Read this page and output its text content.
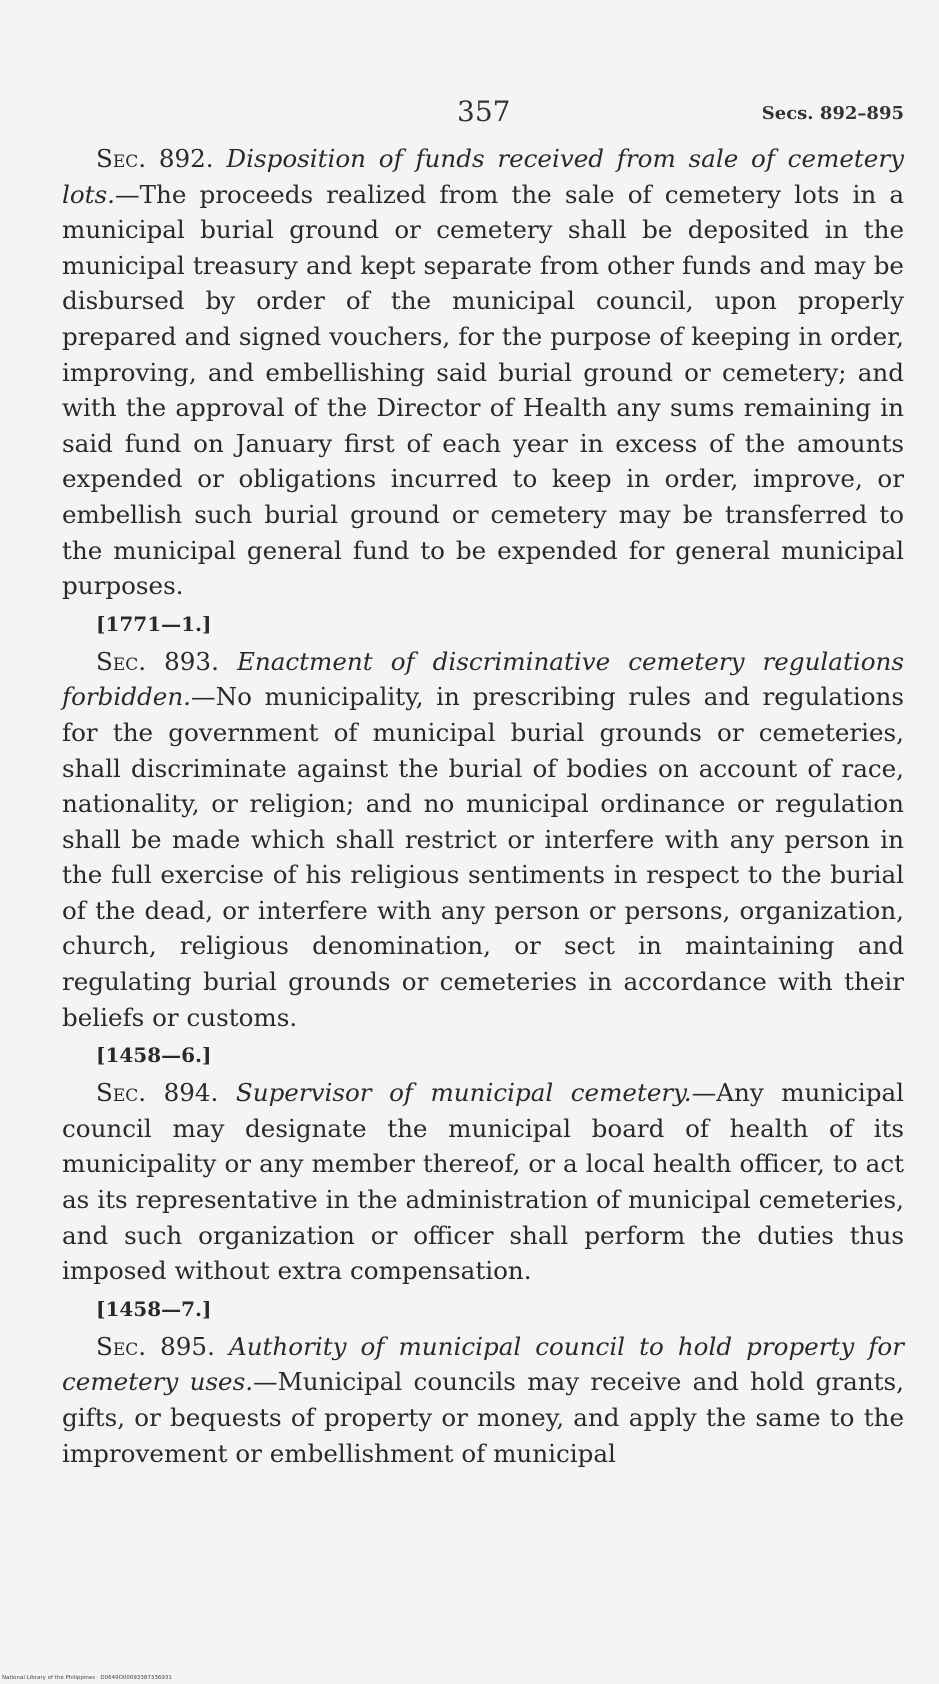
357	Secs. 892–895

Sec. 892. Disposition of funds received from sale of cemetery lots.—The proceeds realized from the sale of cemetery lots in a municipal burial ground or cemetery shall be deposited in the municipal treasury and kept separate from other funds and may be disbursed by order of the municipal council, upon properly prepared and signed vouchers, for the purpose of keeping in order, improving, and embellishing said burial ground or cemetery; and with the approval of the Director of Health any sums remaining in said fund on January first of each year in excess of the amounts expended or obligations incurred to keep in order, improve, or embellish such burial ground or cemetery may be transferred to the municipal general fund to be expended for general municipal purposes.

[1771—1.]

Sec. 893. Enactment of discriminative cemetery regulations forbidden.—No municipality, in prescribing rules and regulations for the government of municipal burial grounds or cemeteries, shall discriminate against the burial of bodies on account of race, nationality, or religion; and no municipal ordinance or regulation shall be made which shall restrict or interfere with any person in the full exercise of his religious sentiments in respect to the burial of the dead, or interfere with any person or persons, organization, church, religious denomination, or sect in maintaining and regulating burial grounds or cemeteries in accordance with their beliefs or customs.

[1458—6.]

Sec. 894. Supervisor of municipal cemetery.—Any municipal council may designate the municipal board of health of its municipality or any member thereof, or a local health officer, to act as its representative in the administration of municipal cemeteries, and such organization or officer shall perform the duties thus imposed without extra compensation.

[1458—7.]

Sec. 895. Authority of municipal council to hold property for cemetery uses.—Municipal councils may receive and hold grants, gifts, or bequests of property or money, and apply the same to the improvement or embellishment of municipal

National Library of the Philippines · D0649O00093387336931
